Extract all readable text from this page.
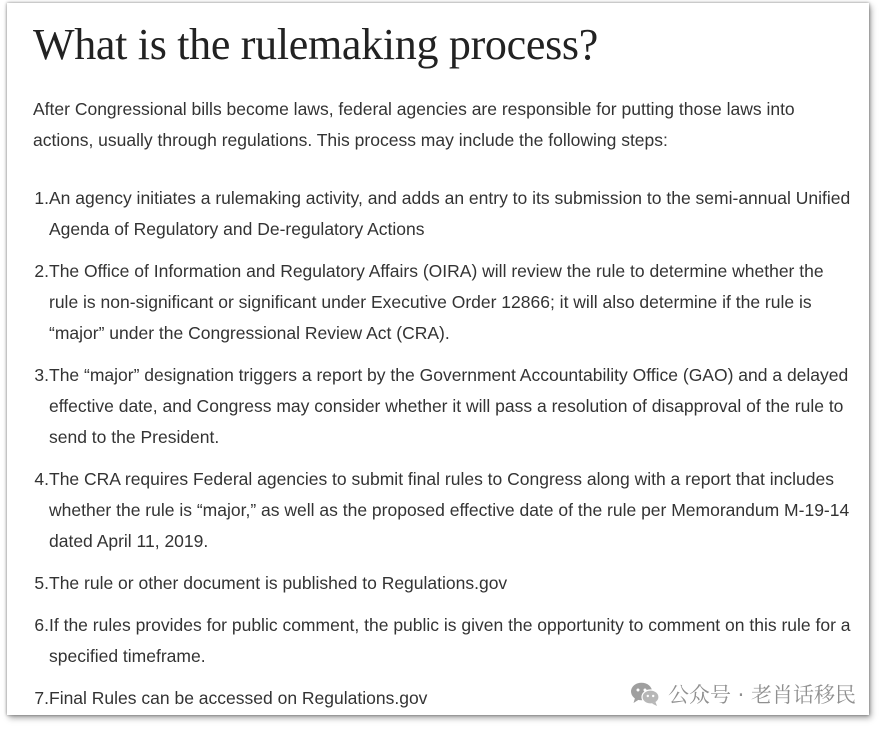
What is the rulemaking process?

After Congressional bills become laws, federal agencies are responsible for putting those laws into actions, usually through regulations. This process may include the following steps:

1. An agency initiates a rulemaking activity, and adds an entry to its submission to the semi-annual Unified Agenda of Regulatory and De-regulatory Actions
2. The Office of Information and Regulatory Affairs (OIRA) will review the rule to determine whether the rule is non-significant or significant under Executive Order 12866; it will also determine if the rule is “major” under the Congressional Review Act (CRA).
3. The “major” designation triggers a report by the Government Accountability Office (GAO) and a delayed effective date, and Congress may consider whether it will pass a resolution of disapproval of the rule to send to the President.
4. The CRA requires Federal agencies to submit final rules to Congress along with a report that includes whether the rule is “major,” as well as the proposed effective date of the rule per Memorandum M-19-14 dated April 11, 2019.
5. The rule or other document is published to Regulations.gov
6. If the rules provides for public comment, the public is given the opportunity to comment on this rule for a specified timeframe.
7. Final Rules can be accessed on Regulations.gov	公众号 · 老肖话移民
